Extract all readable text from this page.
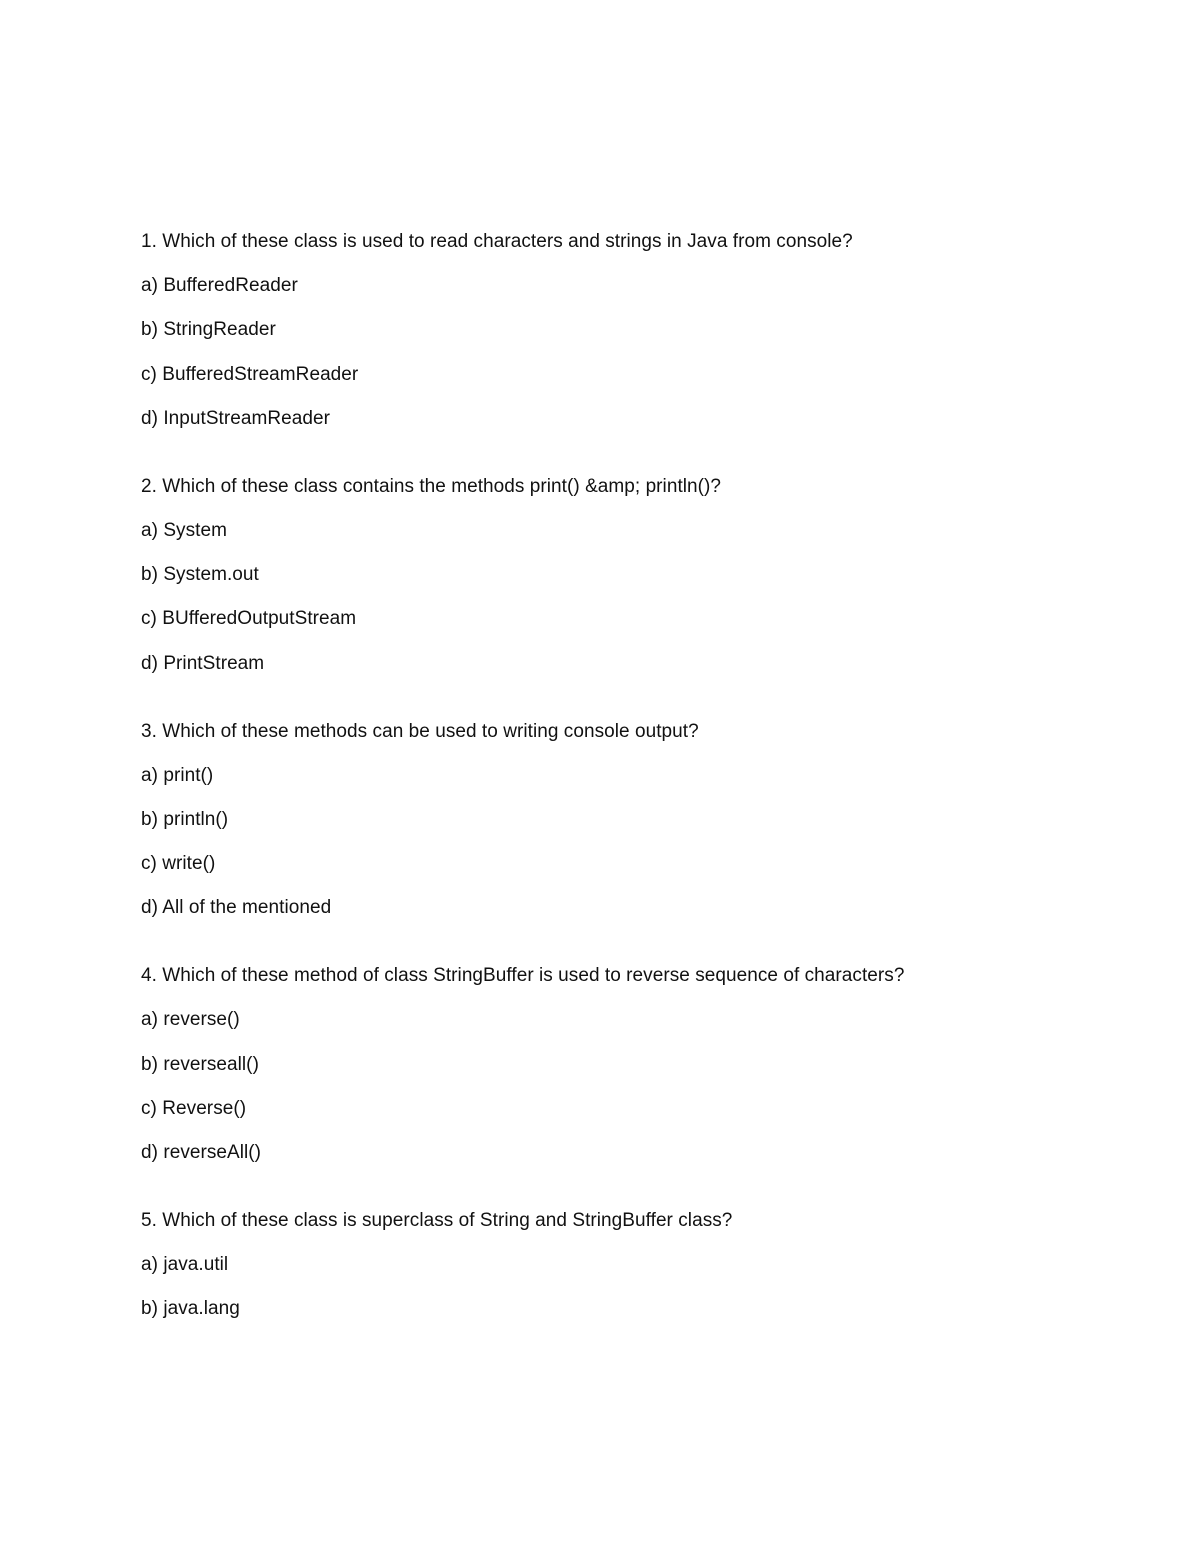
1. Which of these class is used to read characters and strings in Java from console?
a) BufferedReader
b) StringReader
c) BufferedStreamReader
d) InputStreamReader
2. Which of these class contains the methods print() &amp; println()?
a) System
b) System.out
c) BUfferedOutputStream
d) PrintStream
3. Which of these methods can be used to writing console output?
a) print()
b) println()
c) write()
d) All of the mentioned
4. Which of these method of class StringBuffer is used to reverse sequence of characters?
a) reverse()
b) reverseall()
c) Reverse()
d) reverseAll()
5. Which of these class is superclass of String and StringBuffer class?
a) java.util
b) java.lang
